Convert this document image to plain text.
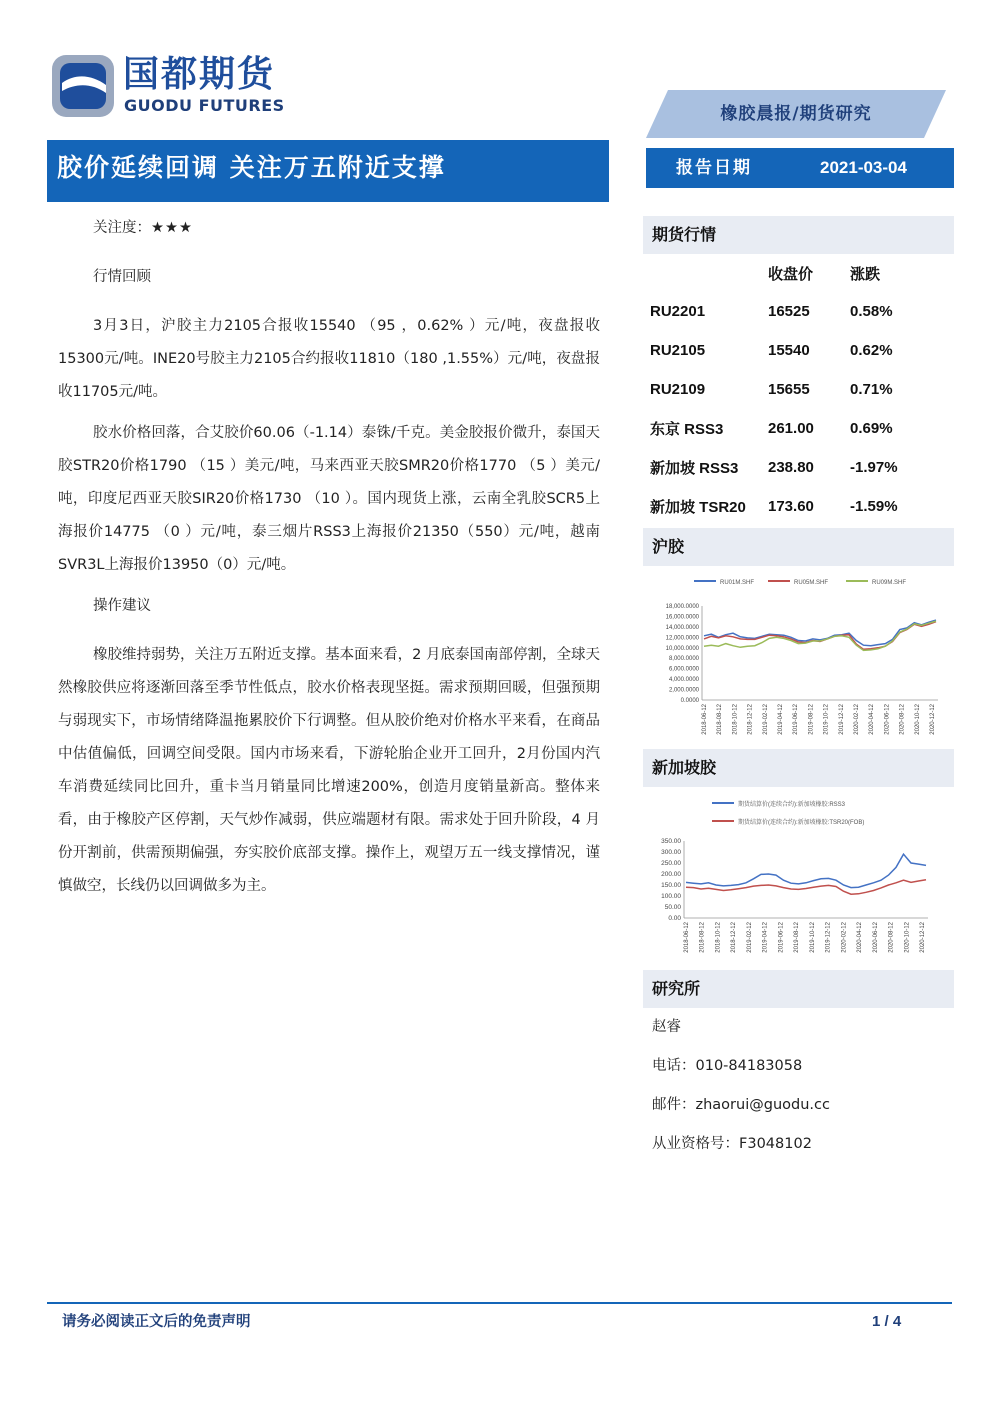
国都期货
GUODU FUTURES	橡胶晨报/期货研究
报告日期	2021-03-04
胶价延续回调 关注万五附近支撑

关注度：★★★

行情回顾

3月3日，沪胶主力2105合报收15540 （95 ，0.62% ）元/吨，夜盘报收15300元/吨。INE20号胶主力2105合约报收11810（180 ,1.55%）元/吨，夜盘报收11705元/吨。

胶水价格回落，合艾胶价60.06（-1.14）泰铢/千克。美金胶报价微升，泰国天胶STR20价格1790 （15 ）美元/吨，马来西亚天胶SMR20价格1770 （5 ）美元/吨，印度尼西亚天胶SIR20价格1730 （10 ）。国内现货上涨，云南全乳胶SCR5上海报价14775 （0 ）元/吨，泰三烟片RSS3上海报价21350（550）元/吨，越南SVR3L上海报价13950（0）元/吨。

操作建议

橡胶维持弱势，关注万五附近支撑。基本面来看，2 月底泰国南部停割，全球天然橡胶供应将逐渐回落至季节性低点，胶水价格表现坚挺。需求预期回暖，但强预期与弱现实下，市场情绪降温拖累胶价下行调整。但从胶价绝对价格水平来看，在商品中估值偏低，回调空间受限。国内市场来看，下游轮胎企业开工回升，2月份国内汽车消费延续同比回升，重卡当月销量同比增速200%，创造月度销量新高。整体来看，由于橡胶产区停割，天气炒作减弱，供应端题材有限。需求处于回升阶段，4 月份开割前，供需预期偏强，夯实胶价底部支撑。操作上，观望万五一线支撑情况，谨慎做空，长线仍以回调做多为主。

期货行情
	收盘价	涨跌
RU2201	16525	0.58%
RU2105	15540	0.62%
RU2109	15655	0.71%
东京 RSS3	261.00	0.69%
新加坡 RSS3	238.80	-1.97%
新加坡 TSR20	173.60	-1.59%
沪胶
RU01M.SHF	RU05M.SHF	RU09M.SHF
18,000.0000
16,000.0000
14,000.0000
12,000.0000
10,000.0000
8,000.0000
6,000.0000
4,000.0000
2,000.0000
0.0000
2018-06-12 2018-08-12 2018-10-12 2018-12-12 2019-02-12 2019-04-12 2019-06-12 2019-08-12 2019-10-12 2019-12-12 2020-02-12 2020-04-12 2020-06-12 2020-08-12 2020-10-12 2020-12-12
新加坡胶
期货结算价(连续合约):新加坡橡胶:RSS3
期货结算价(连续合约):新加坡橡胶:TSR20(FOB)
350.00
300.00
250.00
200.00
150.00
100.00
50.00
0.00
2018-06-12 2018-08-12 2018-10-12 2018-12-12 2019-02-12 2019-04-12 2019-06-12 2019-08-12 2019-10-12 2019-12-12 2020-02-12 2020-04-12 2020-06-12 2020-08-12 2020-10-12 2020-12-12
研究所
赵睿
电话：010-84183058
邮件：zhaorui@guodu.cc
从业资格号：F3048102
请务必阅读正文后的免责声明	1 / 4
